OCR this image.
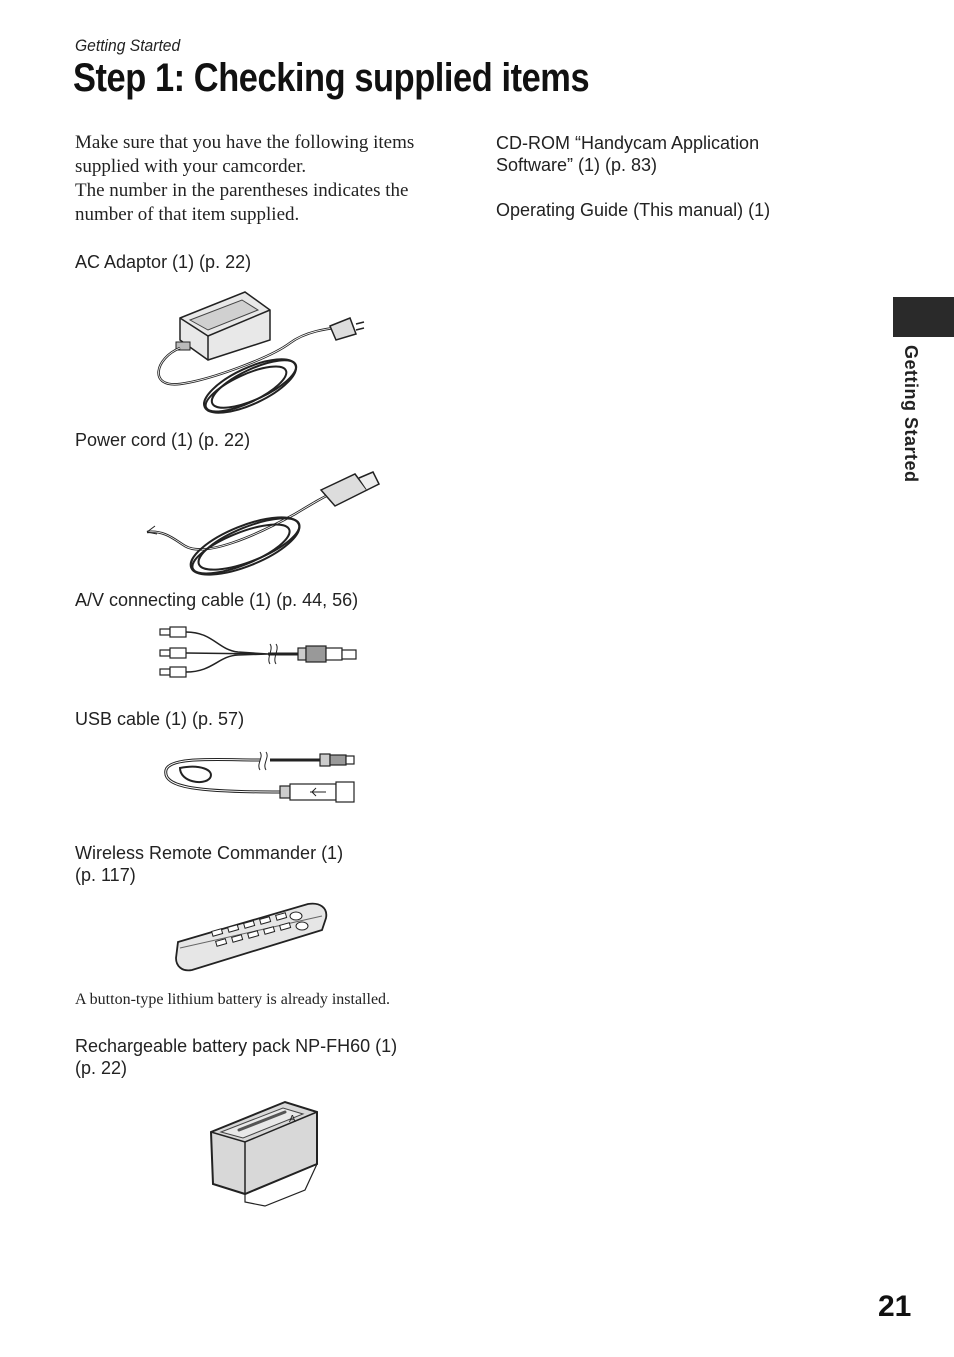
Getting Started
Step 1: Checking supplied items

Make sure that you have the following items supplied with your camcorder.

The number in the parentheses indicates the number of that item supplied.

AC Adaptor (1) (p. 22)
Power cord (1) (p. 22)
A/V connecting cable (1) (p. 44, 56)
USB cable (1) (p. 57)
Wireless Remote Commander (1)
(p. 117)
A button-type lithium battery is already installed.
Rechargeable battery pack NP-FH60 (1)
(p. 22)
A
CD-ROM “Handycam Application
Software” (1) (p. 83)
Operating Guide (This manual) (1)
Getting Started
21
